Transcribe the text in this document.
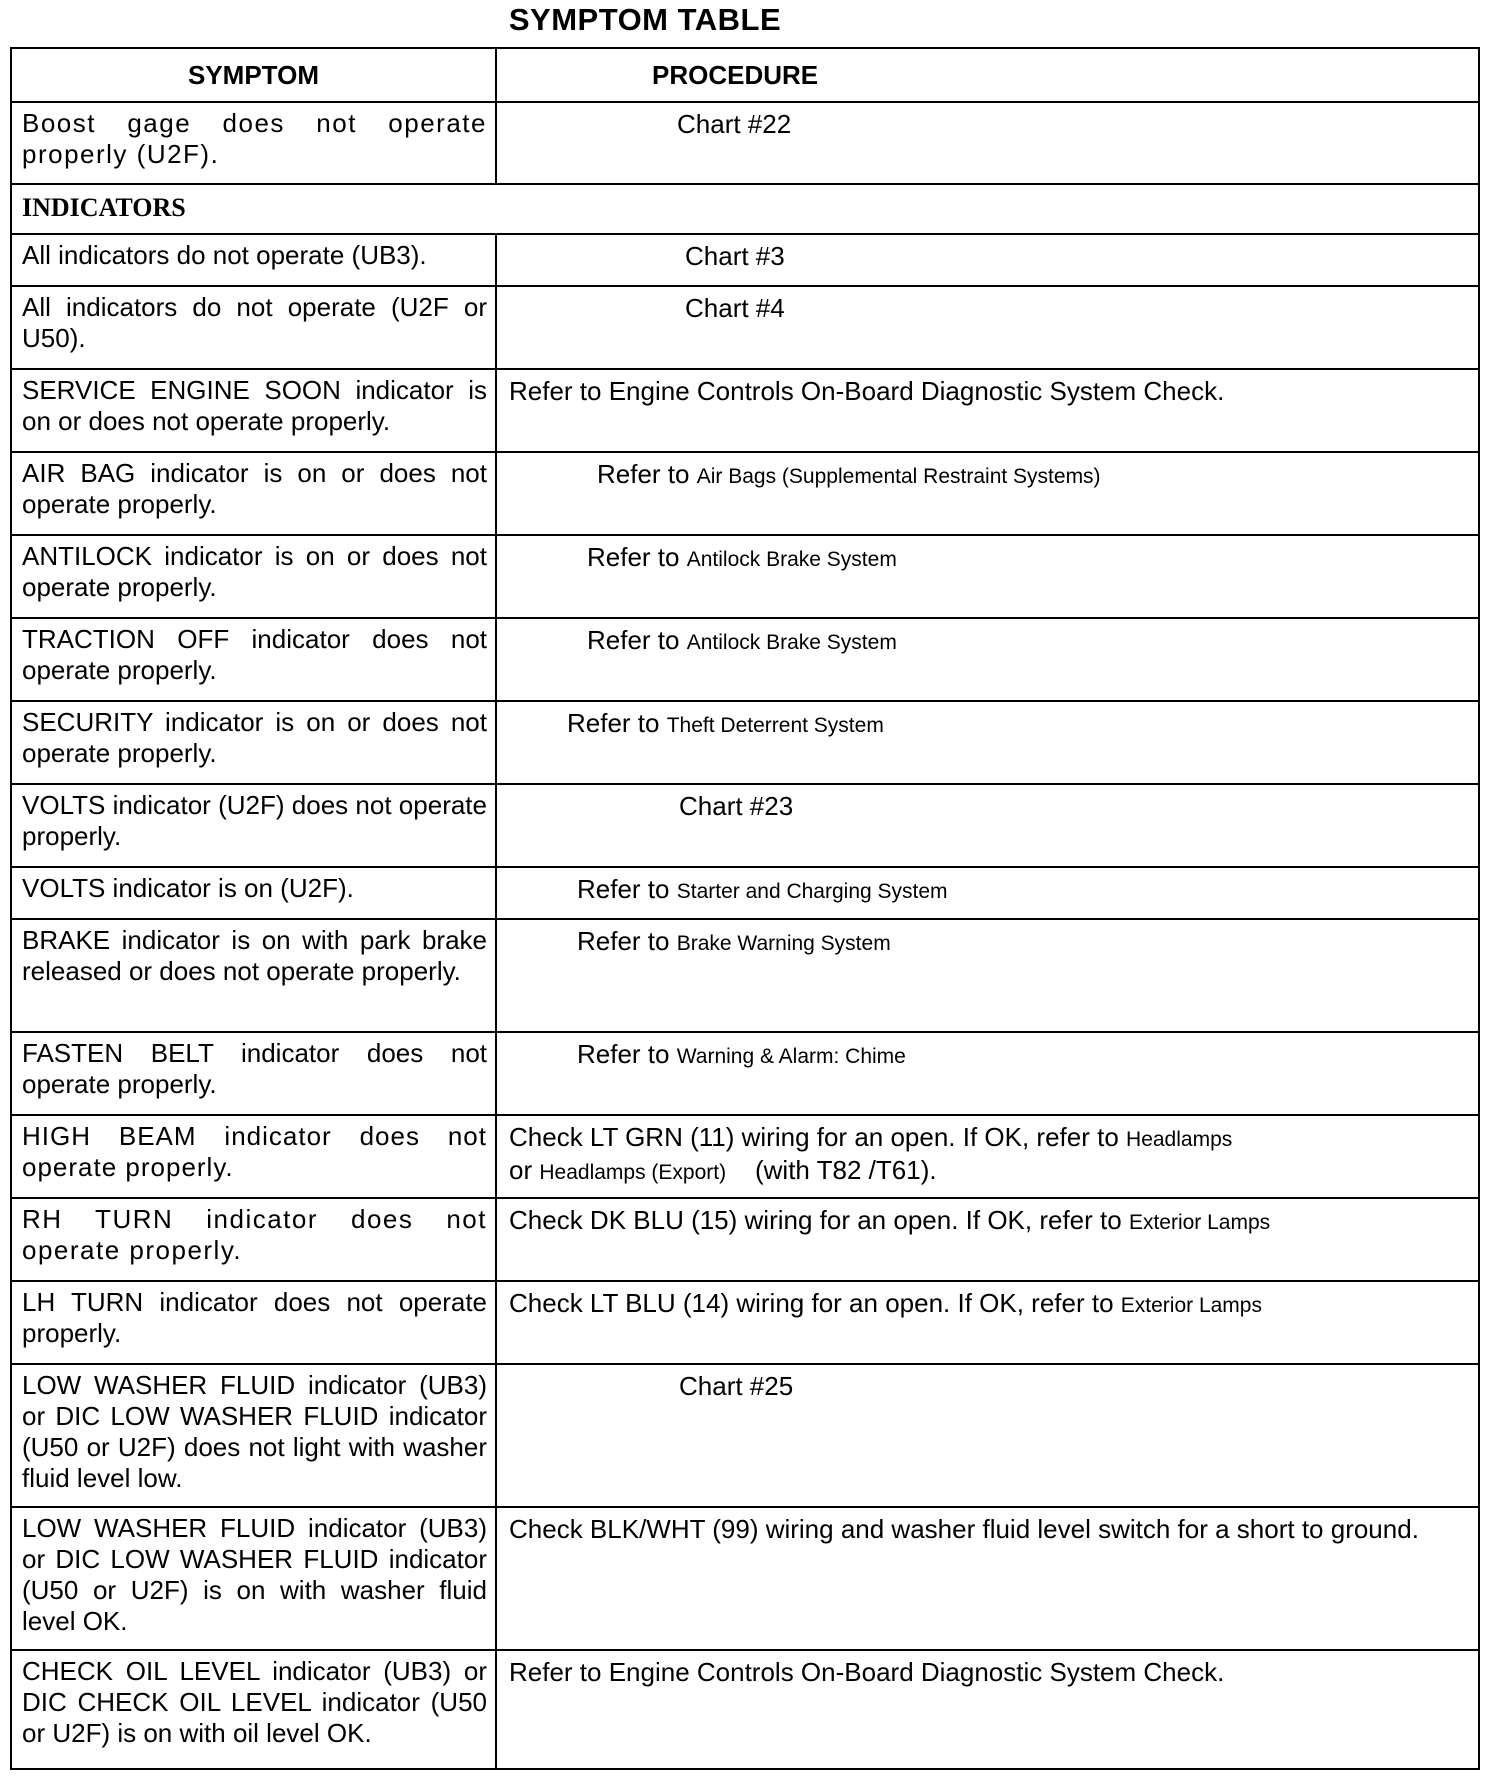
SYMPTOM TABLE
SYMPTOM	PROCEDURE
Boost gage does not operate properly (U2F).	Chart #22
INDICATORS	
All indicators do not operate (UB3).	Chart #3
All indicators do not operate (U2F or U50).	Chart #4
SERVICE ENGINE SOON indicator is on or does not operate properly.	Refer to Engine Controls On-Board Diagnostic System Check.
AIR BAG indicator is on or does not operate properly.	Refer to Air Bags (Supplemental Restraint Systems)
ANTILOCK indicator is on or does not operate properly.	Refer to Antilock Brake System
TRACTION OFF indicator does not operate properly.	Refer to Antilock Brake System
SECURITY indicator is on or does not operate properly.	Refer to Theft Deterrent System
VOLTS indicator (U2F) does not operate properly.	Chart #23
VOLTS indicator is on (U2F).	Refer to Starter and Charging System
BRAKE indicator is on with park brake released or does not operate properly.	Refer to Brake Warning System
FASTEN BELT indicator does not operate properly.	Refer to Warning & Alarm: Chime
HIGH BEAM indicator does not operate properly.	Check LT GRN (11) wiring for an open. If OK, refer to Headlamps
or Headlamps (Export) (with T82 /T61).
RH TURN indicator does not operate properly.	Check DK BLU (15) wiring for an open. If OK, refer to Exterior Lamps
LH TURN indicator does not operate properly.	Check LT BLU (14) wiring for an open. If OK, refer to Exterior Lamps
LOW WASHER FLUID indicator (UB3) or DIC LOW WASHER FLUID indicator (U50 or U2F) does not light with washer fluid level low.	Chart #25
LOW WASHER FLUID indicator (UB3) or DIC LOW WASHER FLUID indicator (U50 or U2F) is on with washer fluid level OK.	Check BLK/WHT (99) wiring and washer fluid level switch for a short to ground.
CHECK OIL LEVEL indicator (UB3) or DIC CHECK OIL LEVEL indicator (U50 or U2F) is on with oil level OK.	Refer to Engine Controls On-Board Diagnostic System Check.
